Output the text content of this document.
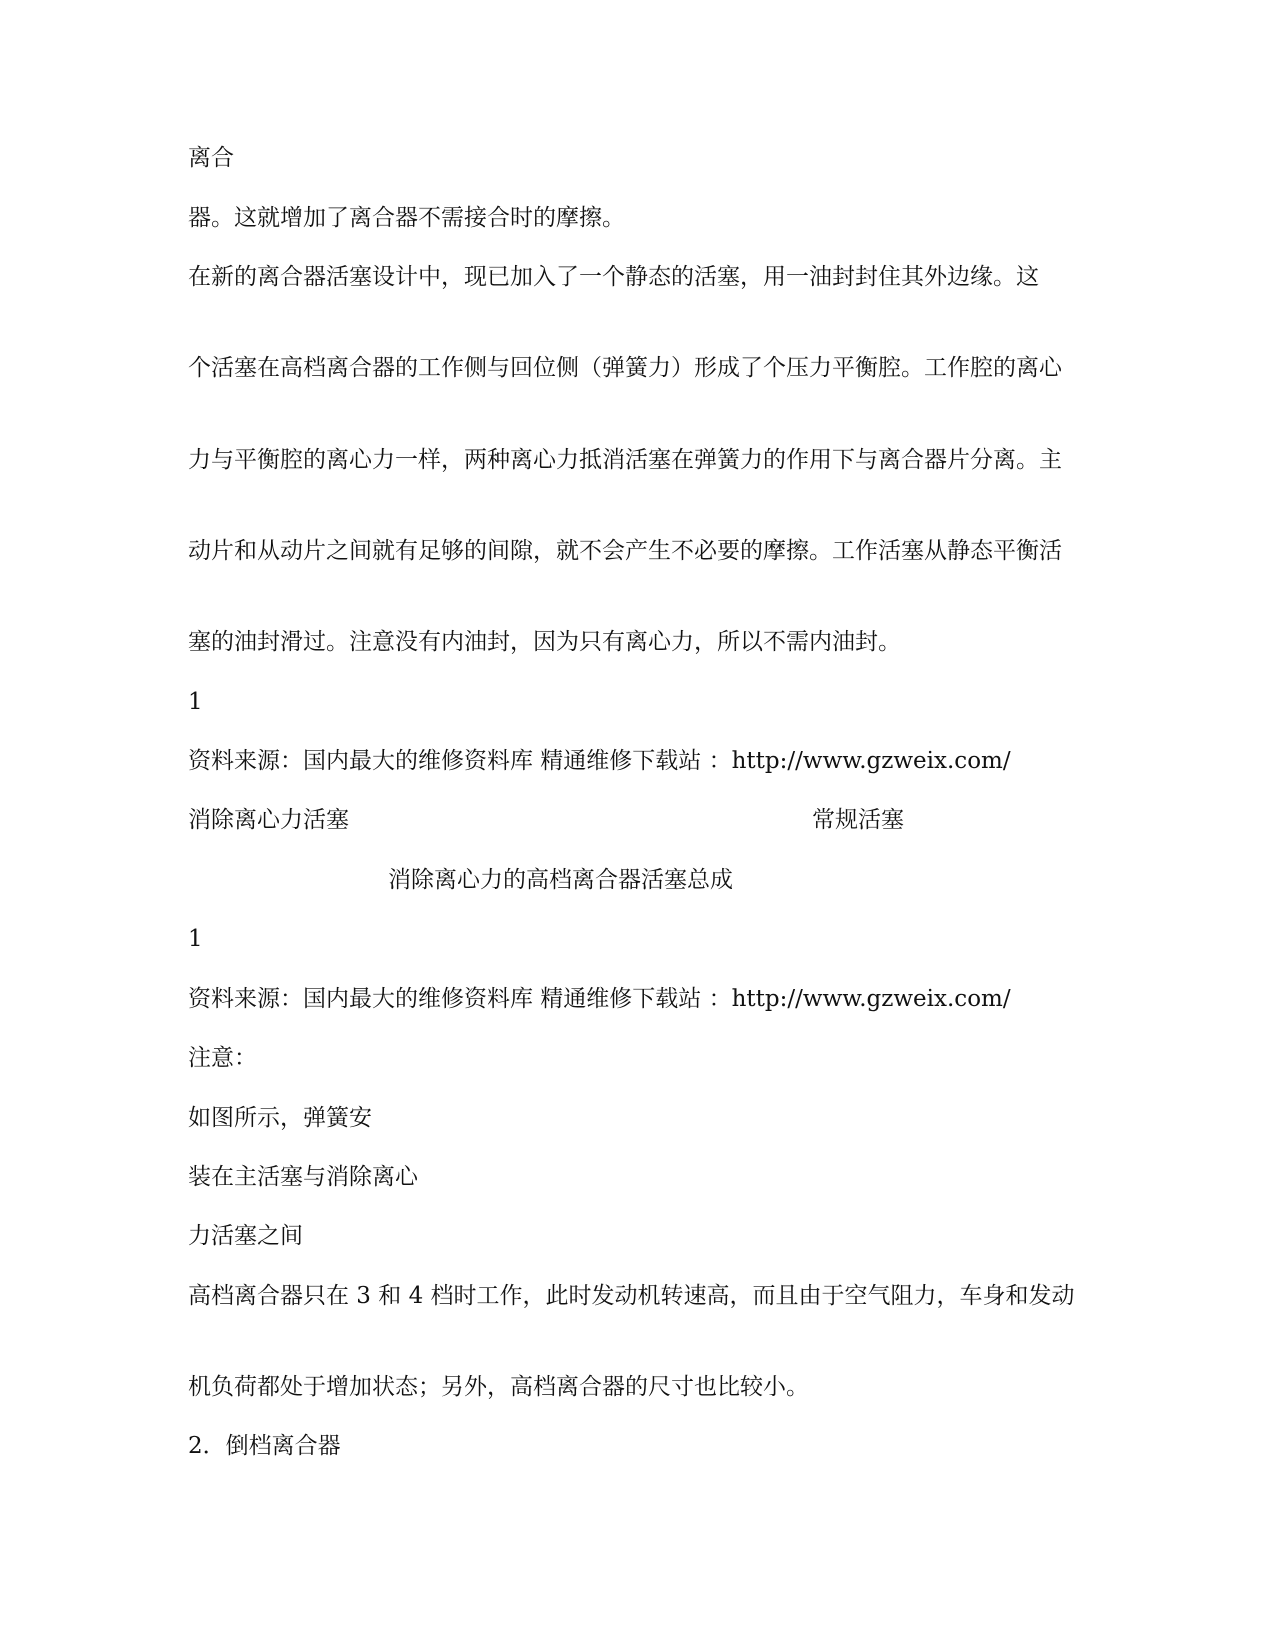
离合
器。这就增加了离合器不需接合时的摩擦。
在新的离合器活塞设计中，现已加入了一个静态的活塞，用一油封封住其外边缘。这
个活塞在高档离合器的工作侧与回位侧（弹簧力）形成了个压力平衡腔。工作腔的离心
力与平衡腔的离心力一样，两种离心力抵消活塞在弹簧力的作用下与离合器片分离。主
动片和从动片之间就有足够的间隙，就不会产生不必要的摩擦。工作活塞从静态平衡活
塞的油封滑过。注意没有内油封，因为只有离心力，所以不需内油封。
1
资料来源：国内最大的维修资料库 精通维修下载站 ：http://www.gzweix.com/
消除离心力活塞	常规活塞
消除离心力的高档离合器活塞总成
1
资料来源：国内最大的维修资料库 精通维修下载站 ：http://www.gzweix.com/
注意：
如图所示，弹簧安
装在主活塞与消除离心
力活塞之间
高档离合器只在 3 和 4 档时工作，此时发动机转速高，而且由于空气阻力，车身和发动
机负荷都处于增加状态；另外，高档离合器的尺寸也比较小。
2．倒档离合器
